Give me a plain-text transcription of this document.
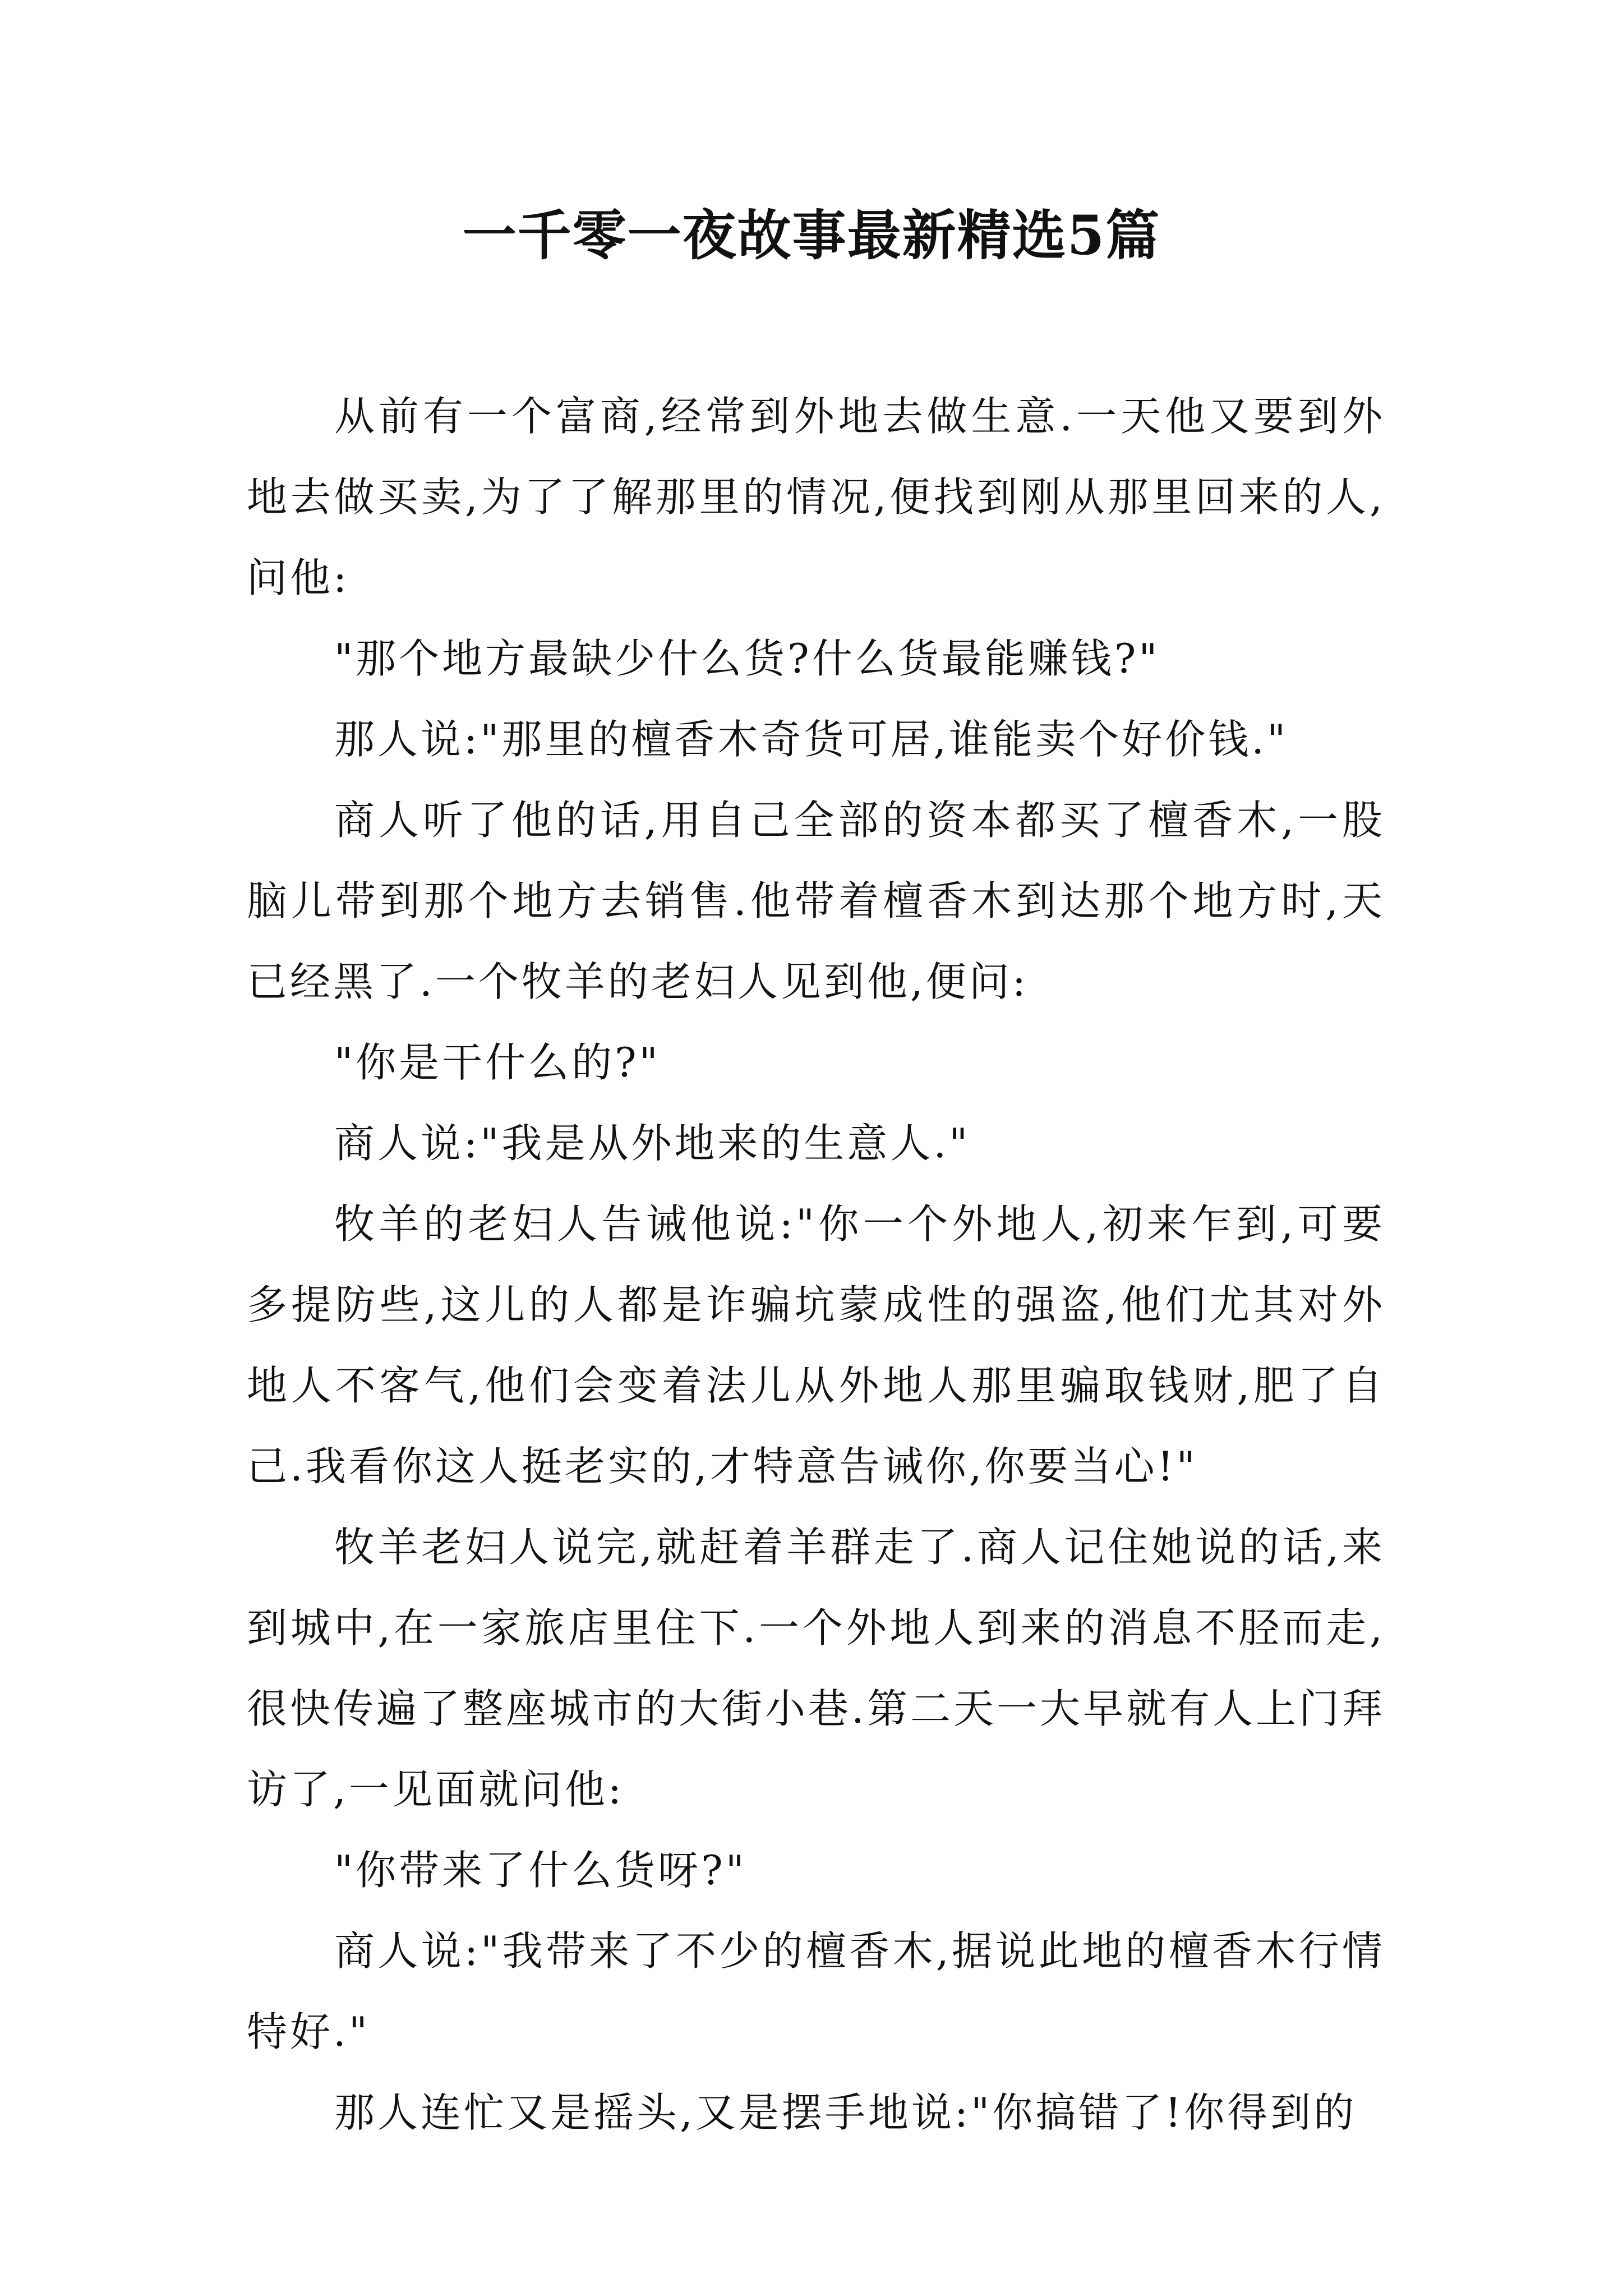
一千零一夜故事最新精选5篇

从前有一个富商,经常到外地去做生意.一天他又要到外地去做买卖,为了了解那里的情况,便找到刚从那里回来的人,问他:

"那个地方最缺少什么货?什么货最能赚钱?"

那人说:"那里的檀香木奇货可居,谁能卖个好价钱."

商人听了他的话,用自己全部的资本都买了檀香木,一股脑儿带到那个地方去销售.他带着檀香木到达那个地方时,天已经黑了.一个牧羊的老妇人见到他,便问:

"你是干什么的?"

商人说:"我是从外地来的生意人."

牧羊的老妇人告诫他说:"你一个外地人,初来乍到,可要多提防些,这儿的人都是诈骗坑蒙成性的强盗,他们尤其对外地人不客气,他们会变着法儿从外地人那里骗取钱财,肥了自己.我看你这人挺老实的,才特意告诫你,你要当心!"

牧羊老妇人说完,就赶着羊群走了.商人记住她说的话,来到城中,在一家旅店里住下.一个外地人到来的消息不胫而走,很快传遍了整座城市的大街小巷.第二天一大早就有人上门拜访了,一见面就问他:

"你带来了什么货呀?"

商人说:"我带来了不少的檀香木,据说此地的檀香木行情特好."

那人连忙又是摇头,又是摆手地说:"你搞错了!你得到的
